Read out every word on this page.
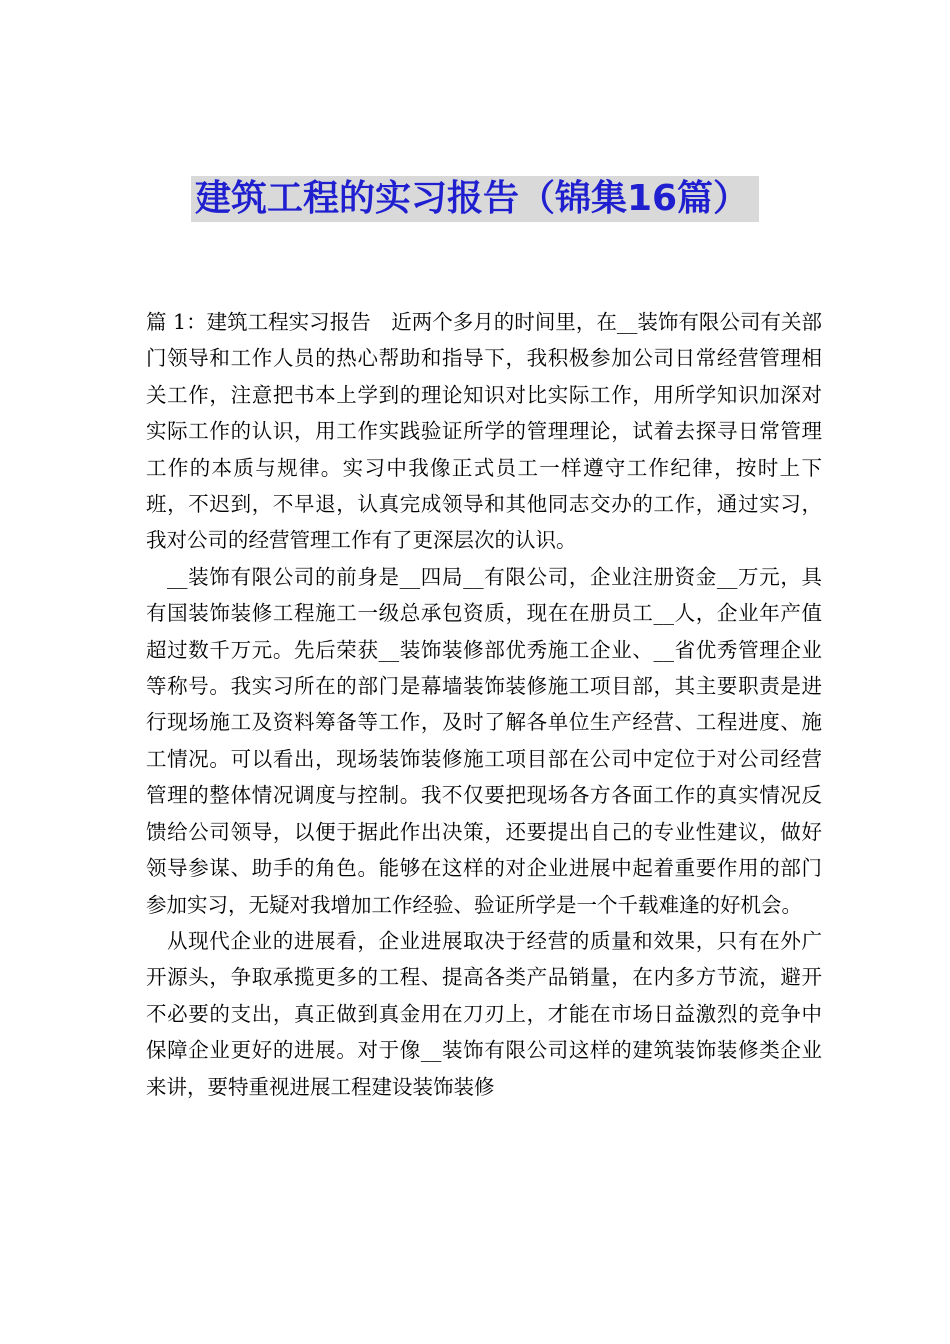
建筑工程的实习报告（锦集16篇）

篇 1：建筑工程实习报告　近两个多月的时间里，在__装饰有限公司有关部门领导和工作人员的热心帮助和指导下，我积极参加公司日常经营管理相关工作，注意把书本上学到的理论知识对比实际工作，用所学知识加深对实际工作的认识，用工作实践验证所学的管理理论，试着去探寻日常管理工作的本质与规律。实习中我像正式员工一样遵守工作纪律，按时上下班，不迟到，不早退，认真完成领导和其他同志交办的工作，通过实习，我对公司的经营管理工作有了更深层次的认识。

__装饰有限公司的前身是__四局__有限公司，企业注册资金__万元，具有国装饰装修工程施工一级总承包资质，现在在册员工__人，企业年产值超过数千万元。先后荣获__装饰装修部优秀施工企业、__省优秀管理企业等称号。我实习所在的部门是幕墙装饰装修施工项目部，其主要职责是进行现场施工及资料筹备等工作，及时了解各单位生产经营、工程进度、施工情况。可以看出，现场装饰装修施工项目部在公司中定位于对公司经营管理的整体情况调度与控制。我不仅要把现场各方各面工作的真实情况反馈给公司领导，以便于据此作出决策，还要提出自己的专业性建议，做好领导参谋、助手的角色。能够在这样的对企业进展中起着重要作用的部门参加实习，无疑对我增加工作经验、验证所学是一个千载难逢的好机会。

从现代企业的进展看，企业进展取决于经营的质量和效果，只有在外广开源头，争取承揽更多的工程、提高各类产品销量，在内多方节流，避开不必要的支出，真正做到真金用在刀刃上，才能在市场日益激烈的竞争中保障企业更好的进展。对于像__装饰有限公司这样的建筑装饰装修类企业来讲，要特重视进展工程建设装饰装修
